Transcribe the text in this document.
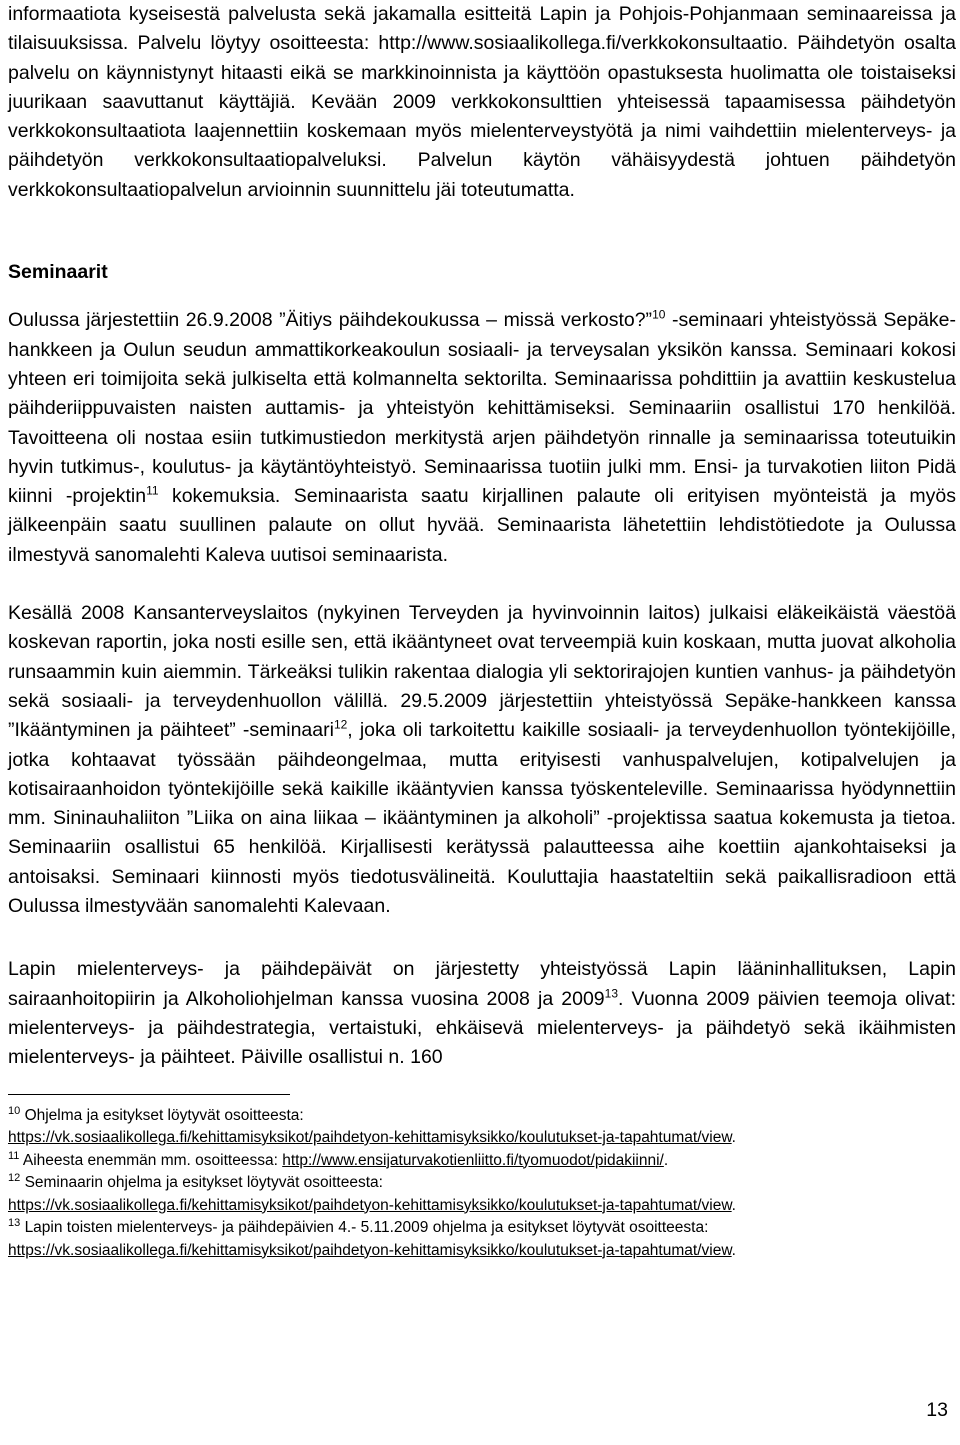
informaatiota kyseisestä palvelusta sekä jakamalla esitteitä Lapin ja Pohjois-Pohjanmaan seminaareissa ja tilaisuuksissa. Palvelu löytyy osoitteesta: http://www.sosiaalikollega.fi/verkkokonsultaatio. Päihdetyön osalta palvelu on käynnistynyt hitaasti eikä se markkinoinnista ja käyttöön opastuksesta huolimatta ole toistaiseksi juurikaan saavuttanut käyttäjiä. Kevään 2009 verkkokonsulttien yhteisessä tapaamisessa päihdetyön verkkokonsultaatiota laajennettiin koskemaan myös mielenterveystyötä ja nimi vaihdettiin mielenterveys- ja päihdetyön verkkokonsultaatiopalveluksi. Palvelun käytön vähäisyydestä johtuen päihdetyön verkkokonsultaatiopalvelun arvioinnin suunnittelu jäi toteutumatta.

Seminaarit

Oulussa järjestettiin 26.9.2008 ”Äitiys päihdekoukussa – missä verkosto?”$^{10}$ -seminaari yhteistyössä Sepäke-hankkeen ja Oulun seudun ammattikorkeakoulun sosiaali- ja terveysalan yksikön kanssa. Seminaari kokosi yhteen eri toimijoita sekä julkiselta että kolmannelta sektorilta. Seminaarissa pohdittiin ja avattiin keskustelua päihderiippuvaisten naisten auttamis- ja yhteistyön kehittämiseksi. Seminaariin osallistui 170 henkilöä. Tavoitteena oli nostaa esiin tutkimustiedon merkitystä arjen päihdetyön rinnalle ja seminaarissa toteutuikin hyvin tutkimus-, koulutus- ja käytäntöyhteistyö. Seminaarissa tuotiin julki mm. Ensi- ja turvakotien liiton Pidä kiinni -projektin$^{11}$ kokemuksia. Seminaarista saatu kirjallinen palaute oli erityisen myönteistä ja myös jälkeenpäin saatu suullinen palaute on ollut hyvää. Seminaarista lähetettiin lehdistötiedote ja Oulussa ilmestyvä sanomalehti Kaleva uutisoi seminaarista.

Kesällä 2008 Kansanterveyslaitos (nykyinen Terveyden ja hyvinvoinnin laitos) julkaisi eläkeikäistä väestöä koskevan raportin, joka nosti esille sen, että ikääntyneet ovat terveempiä kuin koskaan, mutta juovat alkoholia runsaammin kuin aiemmin. Tärkeäksi tulikin rakentaa dialogia yli sektorirajojen kuntien vanhus- ja päihdetyön sekä sosiaali- ja terveydenhuollon välillä. 29.5.2009 järjestettiin yhteistyössä Sepäke-hankkeen kanssa ”Ikääntyminen ja päihteet” -seminaari$^{12}$, joka oli tarkoitettu kaikille sosiaali- ja terveydenhuollon työntekijöille, jotka kohtaavat työssään päihdeongelmaa, mutta erityisesti vanhuspalvelujen, kotipalvelujen ja kotisairaanhoidon työntekijöille sekä kaikille ikääntyvien kanssa työskenteleville. Seminaarissa hyödynnettiin mm. Sininauhaliiton ”Liika on aina liikaa – ikääntyminen ja alkoholi” -projektissa saatua kokemusta ja tietoa. Seminaariin osallistui 65 henkilöä. Kirjallisesti kerätyssä palautteessa aihe koettiin ajankohtaiseksi ja antoisaksi. Seminaari kiinnosti myös tiedotusvälineitä. Kouluttajia haastateltiin sekä paikallisradioon että Oulussa ilmestyvään sanomalehti Kalevaan.

Lapin mielenterveys- ja päihdepäivät on järjestetty yhteistyössä Lapin lääninhallituksen, Lapin sairaanhoitopiirin ja Alkoholiohjelman kanssa vuosina 2008 ja 2009$^{13}$. Vuonna 2009 päivien teemoja olivat: mielenterveys- ja päihdestrategia, vertaistuki, ehkäisevä mielenterveys- ja päihdetyö sekä ikäihmisten mielenterveys- ja päihteet. Päiville osallistui n. 160

$^{10}$ Ohjelma ja esitykset löytyvät osoitteesta:
https://vk.sosiaalikollega.fi/kehittamisyksikot/paihdetyon-kehittamisyksikko/koulutukset-ja-tapahtumat/view.

$^{11}$ Aiheesta enemmän mm. osoitteessa: http://www.ensijaturvakotienliitto.fi/tyomuodot/pidakiinni/.

$^{12}$ Seminaarin ohjelma ja esitykset löytyvät osoitteesta:
https://vk.sosiaalikollega.fi/kehittamisyksikot/paihdetyon-kehittamisyksikko/koulutukset-ja-tapahtumat/view.

$^{13}$ Lapin toisten mielenterveys- ja päihdepäivien 4.- 5.11.2009 ohjelma ja esitykset löytyvät osoitteesta:
https://vk.sosiaalikollega.fi/kehittamisyksikot/paihdetyon-kehittamisyksikko/koulutukset-ja-tapahtumat/view.

13
